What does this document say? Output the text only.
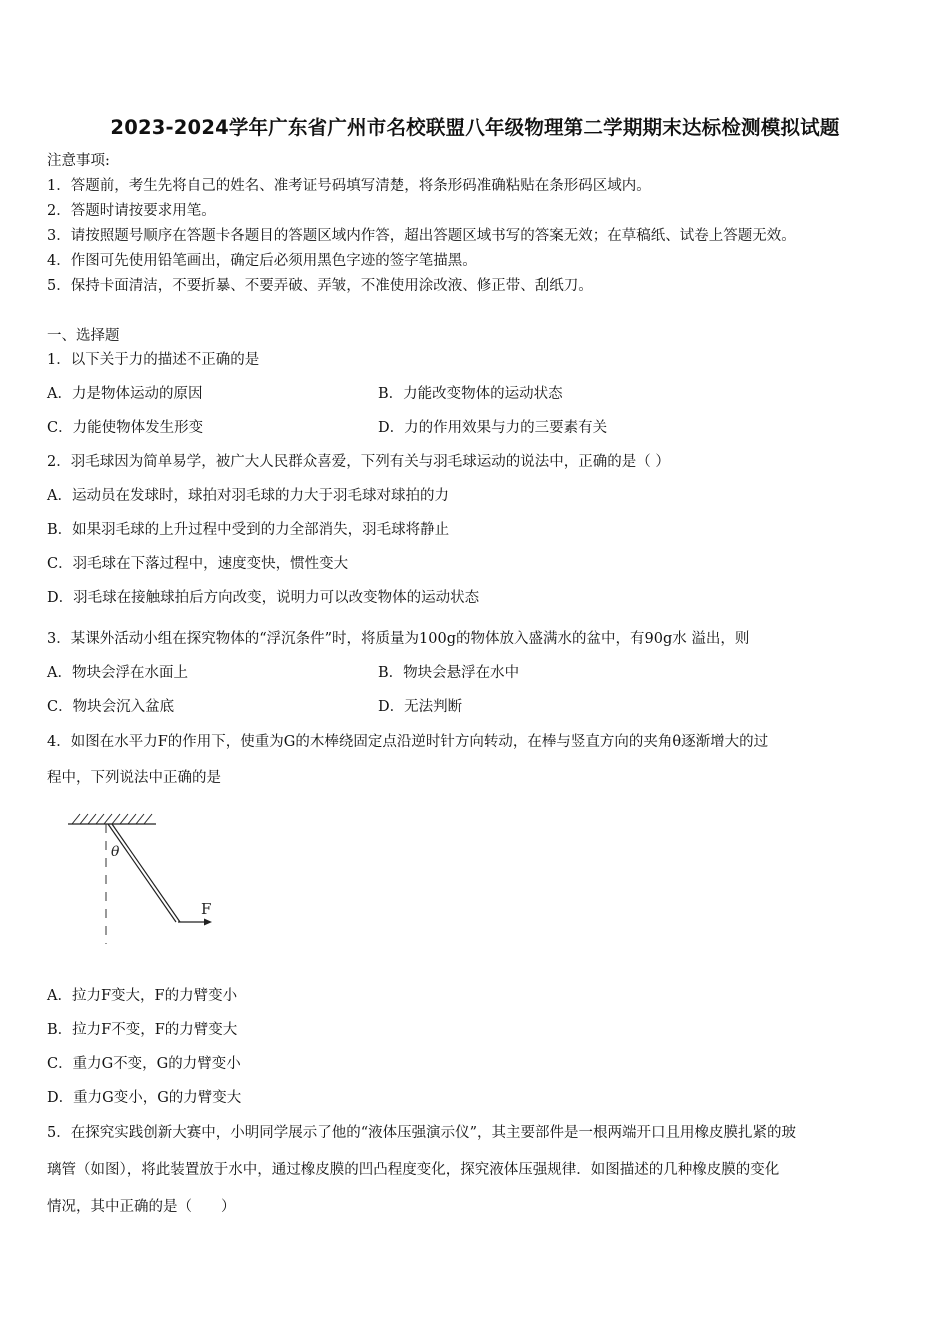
2023-2024学年广东省广州市名校联盟八年级物理第二学期期末达标检测模拟试题
注意事项:
1．答题前，考生先将自己的姓名、准考证号码填写清楚，将条形码准确粘贴在条形码区域内。
2．答题时请按要求用笔。
3．请按照题号顺序在答题卡各题目的答题区域内作答，超出答题区域书写的答案无效；在草稿纸、试卷上答题无效。
4．作图可先使用铅笔画出，确定后必须用黑色字迹的签字笔描黑。
5．保持卡面清洁，不要折暴、不要弄破、弄皱，不准使用涂改液、修正带、刮纸刀。
一、选择题
1．以下关于力的描述不正确的是
A．力是物体运动的原因	B．力能改变物体的运动状态
C．力能使物体发生形变	D．力的作用效果与力的三要素有关
2．羽毛球因为简单易学，被广大人民群众喜爱，下列有关与羽毛球运动的说法中，正确的是（ ）
A．运动员在发球时，球拍对羽毛球的力大于羽毛球对球拍的力
B．如果羽毛球的上升过程中受到的力全部消失，羽毛球将静止
C．羽毛球在下落过程中，速度变快，惯性变大
D．羽毛球在接触球拍后方向改变，说明力可以改变物体的运动状态
3．某课外活动小组在探究物体的“浮沉条件”时，将质量为100g的物体放入盛满水的盆中，有90g水 溢出，则
A．物块会浮在水面上	B．物块会悬浮在水中
C．物块会沉入盆底	D．无法判断
4．如图在水平力F的作用下，使重为G的木棒绕固定点沿逆时针方向转动，在棒与竖直方向的夹角θ逐渐增大的过
程中，下列说法中正确的是
θ
F
A．拉力F变大，F的力臂变小
B．拉力F不变，F的力臂变大
C．重力G不变，G的力臂变小
D．重力G变小，G的力臂变大
5．在探究实践创新大赛中，小明同学展示了他的“液体压强演示仪”，其主要部件是一根两端开口且用橡皮膜扎紧的玻
璃管（如图），将此装置放于水中，通过橡皮膜的凹凸程度变化，探究液体压强规律．如图描述的几种橡皮膜的变化
情况，其中正确的是（　　）
